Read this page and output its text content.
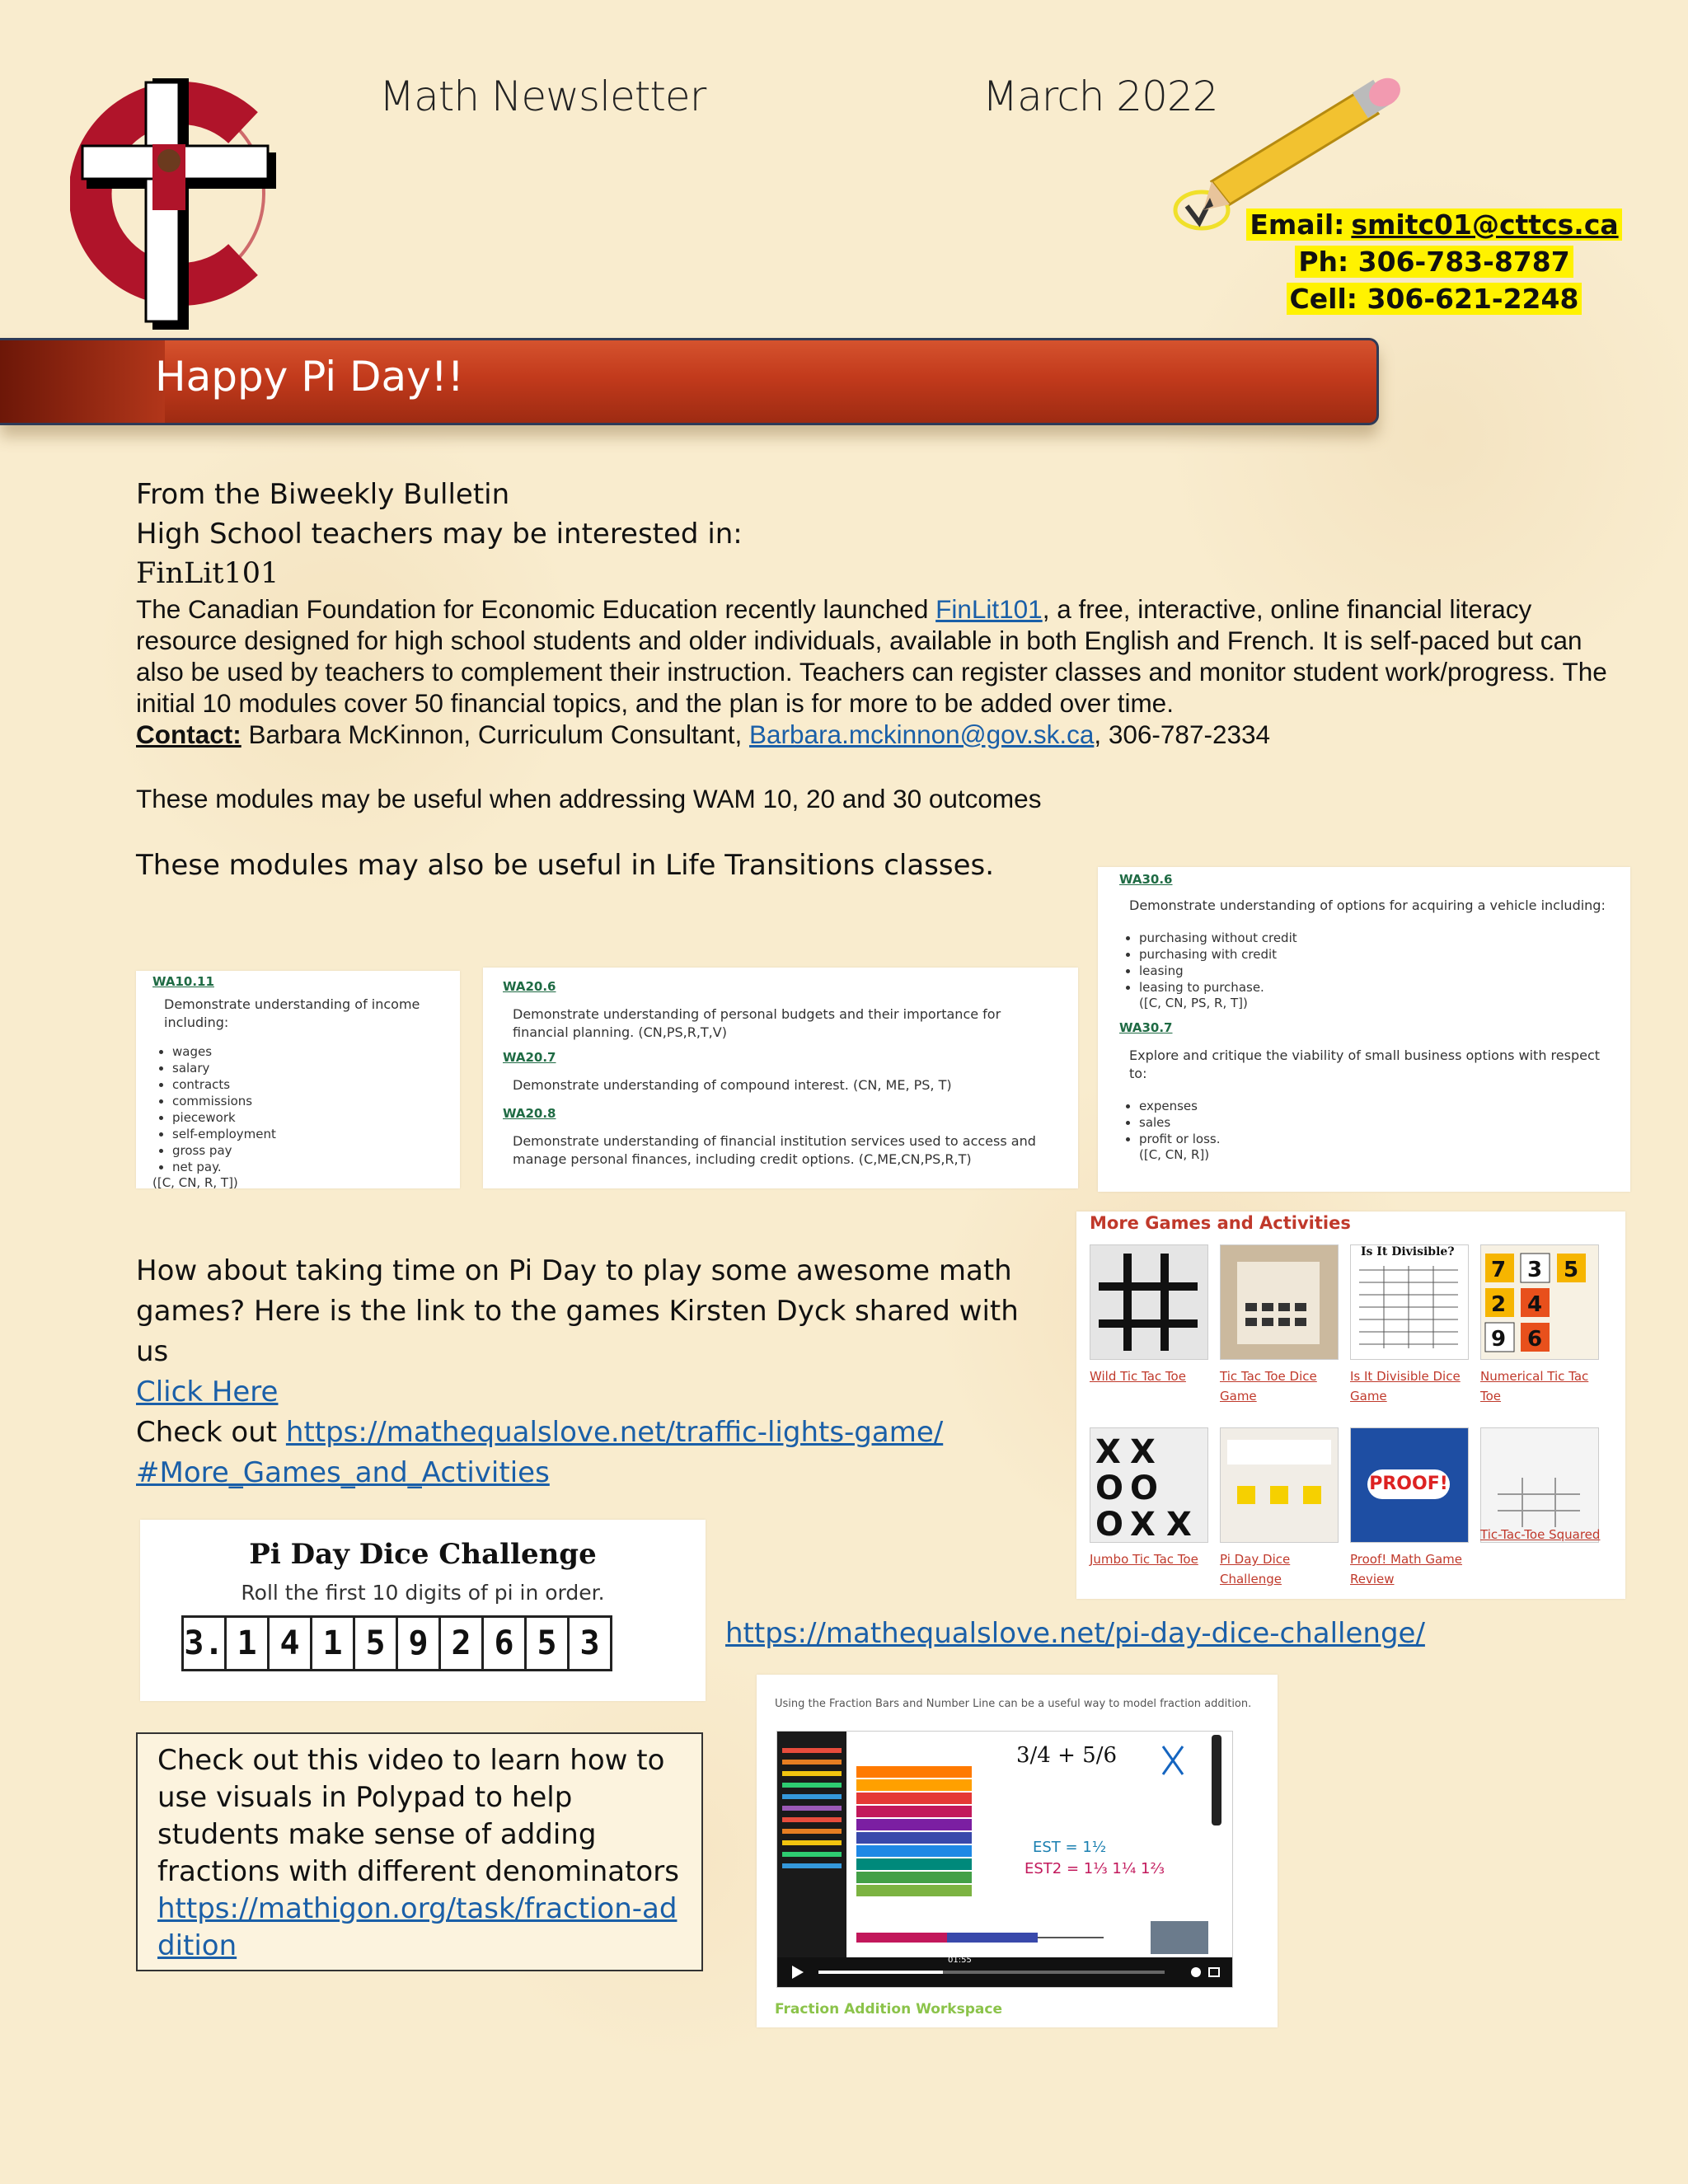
Math Newsletter	March 2022
Email: smitc01@cttcs.ca
Ph: 306-783-8787
Cell: 306-621-2248
Happy Pi Day!!
From the Biweekly Bulletin
High School teachers may be interested in:
FinLit101
The Canadian Foundation for Economic Education recently launched FinLit101, a free, interactive, online financial literacy resource designed for high school students and older individuals, available in both English and French. It is self-paced but can also be used by teachers to complement their instruction. Teachers can register classes and monitor student work/progress. The initial 10 modules cover 50 financial topics, and the plan is for more to be added over time.
Contact: Barbara McKinnon, Curriculum Consultant, Barbara.mckinnon@gov.sk.ca, 306-787-2334
These modules may be useful when addressing WAM 10, 20 and 30 outcomes
These modules may also be useful in Life Transitions classes.
WA10.11
Demonstrate understanding of income including:
• wages
• salary
• contracts
• commissions
• piecework
• self-employment
• gross pay
• net pay.
([C, CN, R, T])
WA20.6
Demonstrate understanding of personal budgets and their importance for financial planning. (CN,PS,R,T,V)
WA20.7
Demonstrate understanding of compound interest. (CN, ME, PS, T)
WA20.8
Demonstrate understanding of financial institution services used to access and manage personal finances, including credit options. (C,ME,CN,PS,R,T)
WA30.6
Demonstrate understanding of options for acquiring a vehicle including:
• purchasing without credit
• purchasing with credit
• leasing
• leasing to purchase.
([C, CN, PS, R, T])
WA30.7
Explore and critique the viability of small business options with respect to:
• expenses
• sales
• profit or loss.
([C, CN, R])
How about taking time on Pi Day to play some awesome math games? Here is the link to the games Kirsten Dyck shared with us
Click Here
Check out https://mathequalslove.net/traffic-lights-game/#More_Games_and_Activities
More Games and Activities
Is It Divisible?
7 3 5
2 4
9 6
Wild Tic Tac Toe	Tic Tac Toe Dice Game
Is It Divisible Dice Game
Numerical Tic Tac Toe
X X
O O
O X X
PROOF!
Jumbo Tic Tac Toe	Pi Day Dice Challenge
Proof! Math Game Review
Tic-Tac-Toe Squared
Pi Day Dice Challenge
Roll the first 10 digits of pi in order.
3. 1 4 1 5 9 2 6 5 3	https://mathequalslove.net/pi-day-dice-challenge/
Check out this video to learn how to use visuals in Polypad to help students make sense of adding fractions with different denominators
https://mathigon.org/task/fraction-addition
Using the Fraction Bars and Number Line can be a useful way to model fraction addition.
3/4 + 5/6
EST = 1½
EST2 = 1⅓ 1¼ 1⅔
01:55
Fraction Addition Workspace
